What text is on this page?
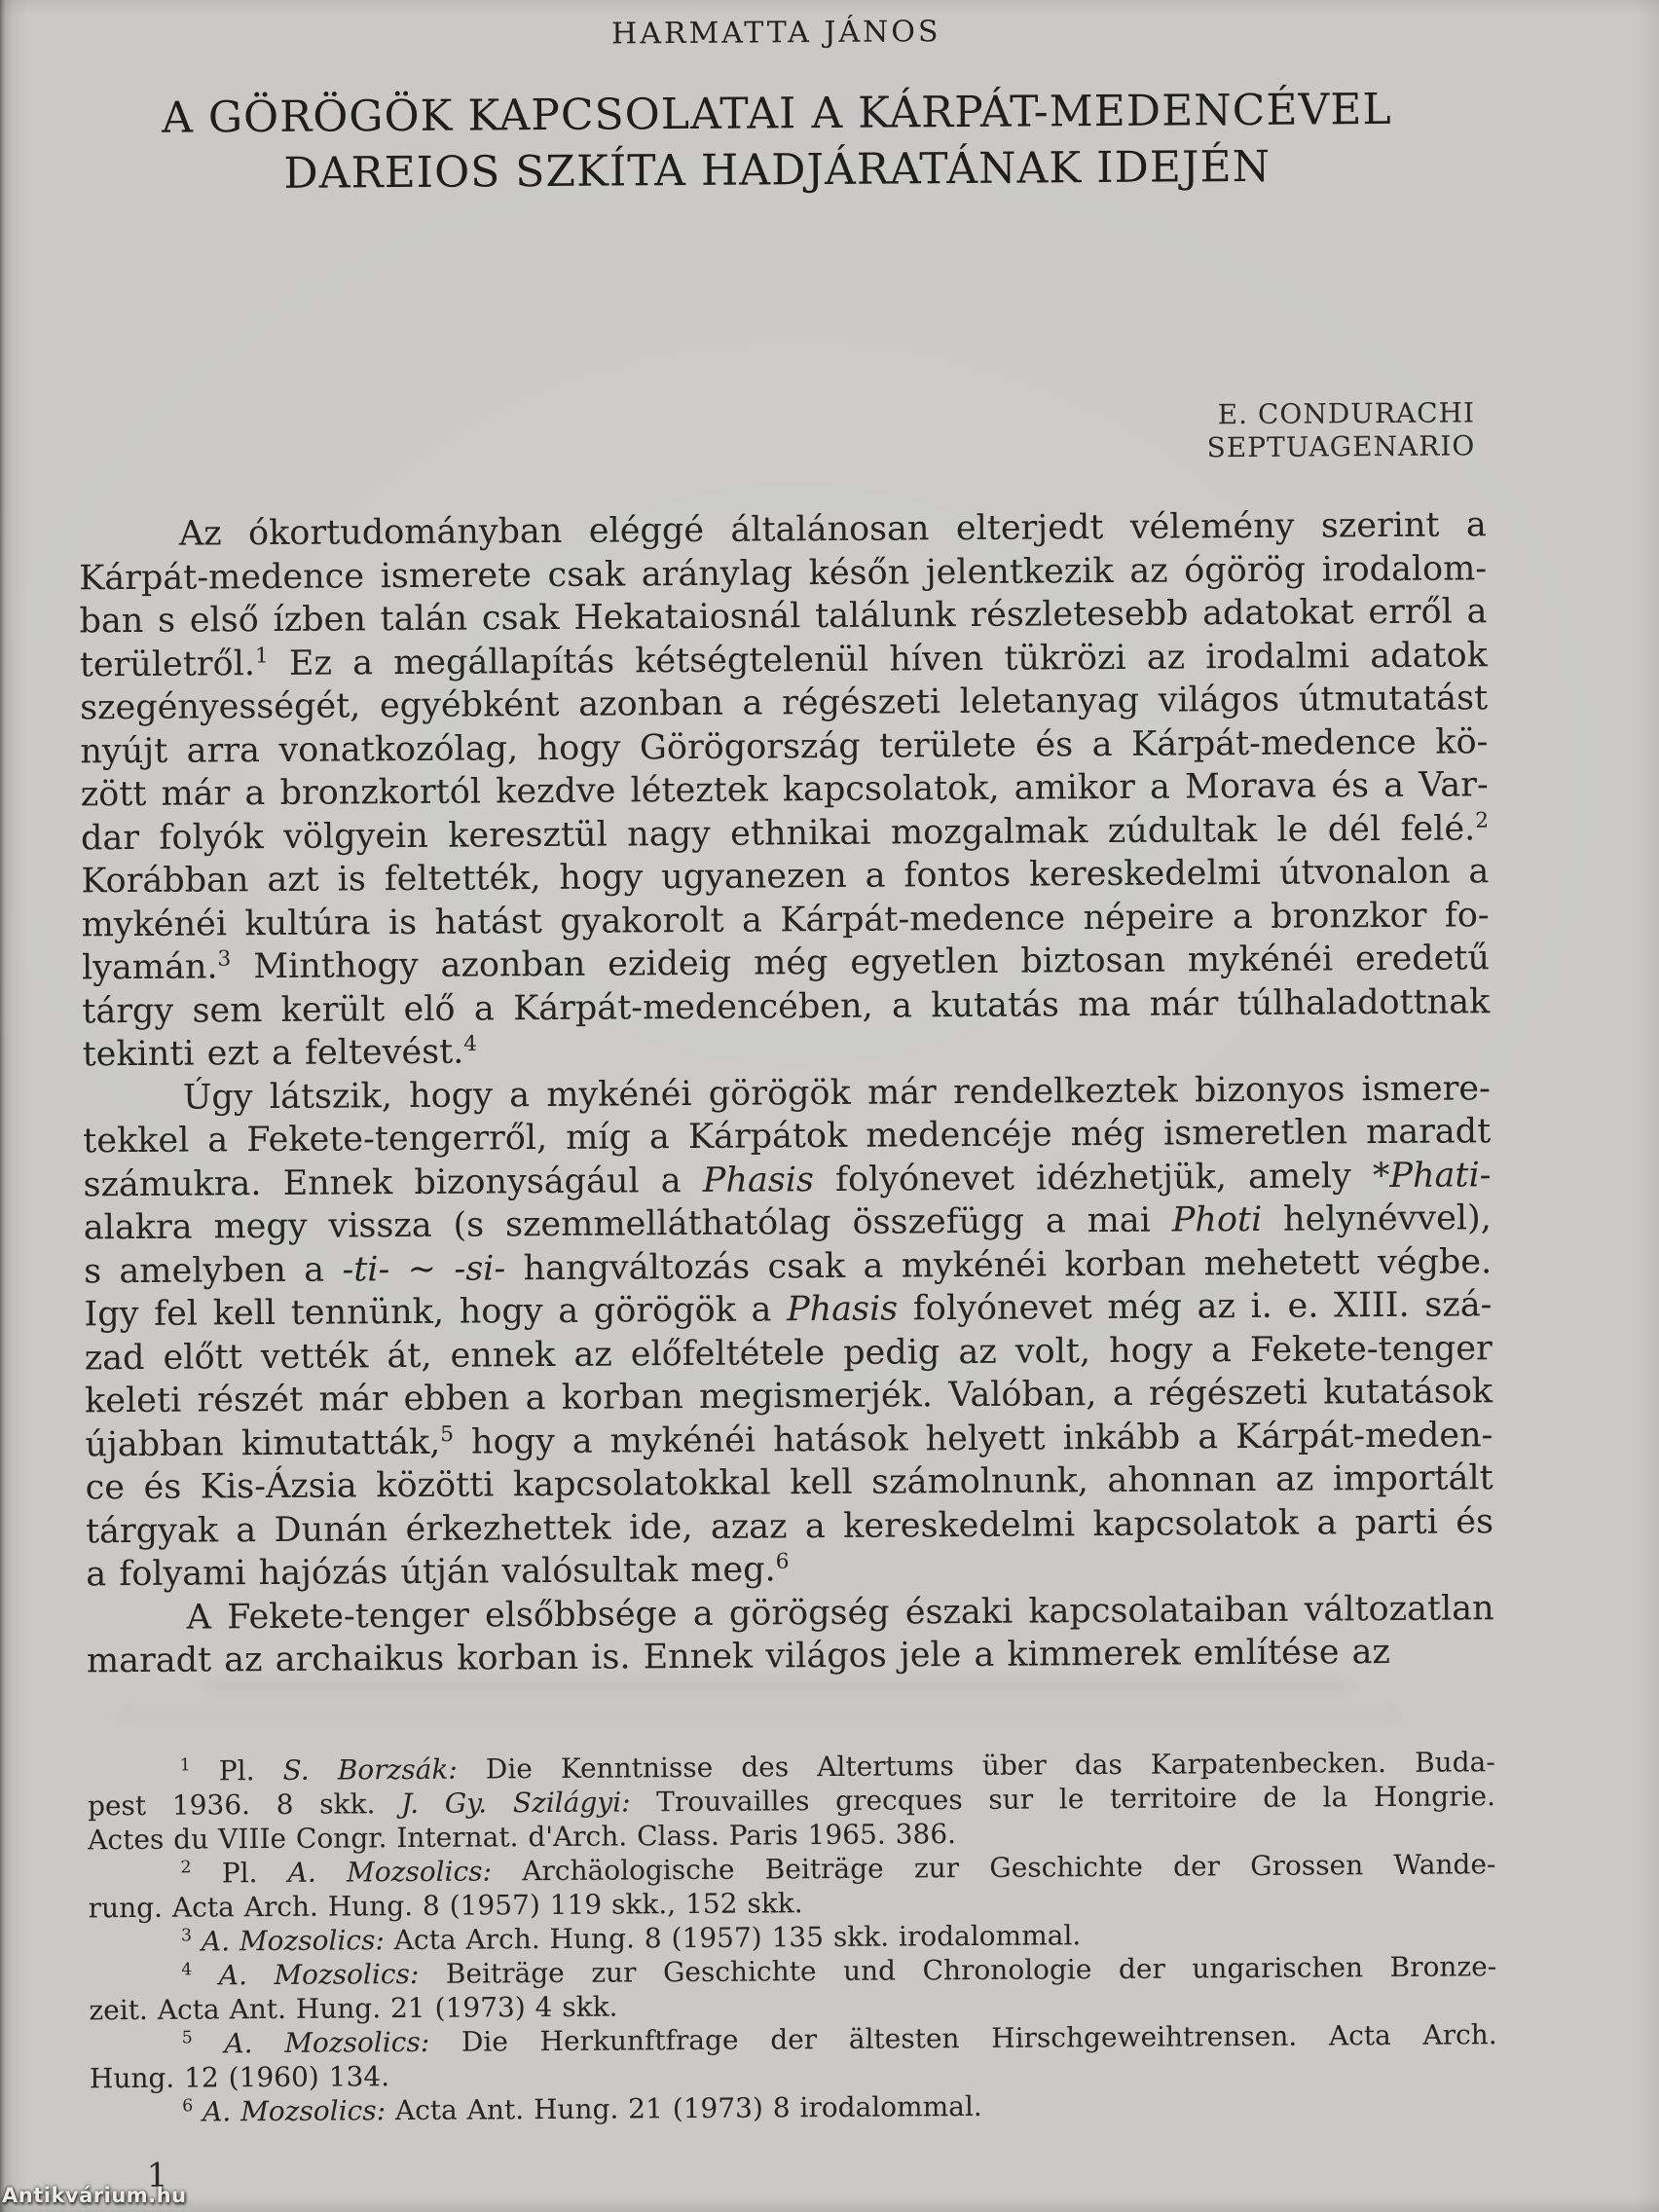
HARMATTA JÁNOS
A GÖRÖGÖK KAPCSOLATAI A KÁRPÁT-MEDENCÉVEL
DAREIOS SZKÍTA HADJÁRATÁNAK IDEJÉN
E. CONDURACHI
SEPTUAGENARIO
Az ókortudományban eléggé általánosan elterjedt vélemény szerint a
Kárpát-medence ismerete csak aránylag későn jelentkezik az ógörög irodalom-
ban s első ízben talán csak Hekataiosnál találunk részletesebb adatokat erről a
területről.$^1$ Ez a megállapítás kétségtelenül híven tükrözi az irodalmi adatok
szegényességét, egyébként azonban a régészeti leletanyag világos útmutatást
nyújt arra vonatkozólag, hogy Görögország területe és a Kárpát-medence kö-
zött már a bronzkortól kezdve léteztek kapcsolatok, amikor a Morava és a Var-
dar folyók völgyein keresztül nagy ethnikai mozgalmak zúdultak le dél felé.$^2$
Korábban azt is feltették, hogy ugyanezen a fontos kereskedelmi útvonalon a
mykénéi kultúra is hatást gyakorolt a Kárpát-medence népeire a bronzkor fo-
lyamán.$^3$ Minthogy azonban ezideig még egyetlen biztosan mykénéi eredetű
tárgy sem került elő a Kárpát-medencében, a kutatás ma már túlhaladottnak
tekinti ezt a feltevést.$^4$
Úgy látszik, hogy a mykénéi görögök már rendelkeztek bizonyos ismere-
tekkel a Fekete-tengerről, míg a Kárpátok medencéje még ismeretlen maradt
számukra. Ennek bizonyságául a Phasis folyónevet idézhetjük, amely *Phati-
alakra megy vissza (s szemmelláthatólag összefügg a mai Photi helynévvel),
s amelyben a -ti- ∼ -si- hangváltozás csak a mykénéi korban mehetett végbe.
Igy fel kell tennünk, hogy a görögök a Phasis folyónevet még az i. e. XIII. szá-
zad előtt vették át, ennek az előfeltétele pedig az volt, hogy a Fekete-tenger
keleti részét már ebben a korban megismerjék. Valóban, a régészeti kutatások
újabban kimutatták,$^5$ hogy a mykénéi hatások helyett inkább a Kárpát-meden-
ce és Kis-Ázsia közötti kapcsolatokkal kell számolnunk, ahonnan az importált
tárgyak a Dunán érkezhettek ide, azaz a kereskedelmi kapcsolatok a parti és
a folyami hajózás útján valósultak meg.$^6$
A Fekete-tenger elsőbbsége a görögség északi kapcsolataiban változatlan
maradt az archaikus korban is. Ennek világos jele a kimmerek említése az
$^1$ Pl. S. Borzsák: Die Kenntnisse des Altertums über das Karpatenbecken. Buda-
pest 1936. 8 skk. J. Gy. Szilágyi: Trouvailles grecques sur le territoire de la Hongrie.
Actes du VIIIe Congr. Internat. d'Arch. Class. Paris 1965. 386.
$^2$ Pl. A. Mozsolics: Archäologische Beiträge zur Geschichte der Grossen Wande-
rung. Acta Arch. Hung. 8 (1957) 119 skk., 152 skk.
$^3$ A. Mozsolics: Acta Arch. Hung. 8 (1957) 135 skk. irodalommal.
$^4$ A. Mozsolics: Beiträge zur Geschichte und Chronologie der ungarischen Bronze-
zeit. Acta Ant. Hung. 21 (1973) 4 skk.
$^5$ A. Mozsolics: Die Herkunftfrage der ältesten Hirschgeweihtrensen. Acta Arch.
Hung. 12 (1960) 134.
$^6$ A. Mozsolics: Acta Ant. Hung. 21 (1973) 8 irodalommal.
1
Antikvárium.hu
